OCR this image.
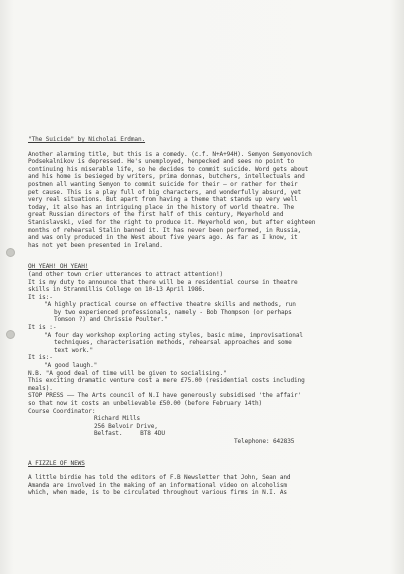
"The Suicide" by Nicholai Erdman.

Another alarming title, but this is a comedy. (c.f. N+A+94H). Semyon Semyonovich

Podsekalnikov is depressed. He's unemployed, henpecked and sees no point to

continuing his miserable life, so he decides to commit suicide. Word gets about

and his home is besieged by writers, prima donnas, butchers, intellectuals and

postmen all wanting Semyon to commit suicide for their — or rather for their

pet cause. This is a play full of big characters, and wonderfully absurd, yet

very real situations. But apart from having a theme that stands up very well

today, it also has an intriguing place in the history of world theatre. The

great Russian directors of the first half of this century, Meyerhold and

Stanislavski, vied for the right to produce it. Meyerhold won, but after eighteen

months of rehearsal Stalin banned it. It has never been performed, in Russia,

and was only produced in the West about five years ago. As far as I know, it

has not yet been presented in Ireland.

OH YEAH! OH YEAH!

(and other town crier utterances to attract attention!)

It is my duty to announce that there will be a residential course in theatre

skills in Stranmillis College on 10-13 April 1986.

It is:-

"A highly practical course on effective theatre skills and methods, run

by two experienced professionals, namely - Bob Thompson (or perhaps

Tomson ?) and Chrissie Poulter."

It is :-

"A four day workshop exploring acting styles, basic mime, improvisational

techniques, characterisation methods, rehearsal approaches and some

text work."

It is:-

"A good laugh."

N.B. "A good deal of time will be given to socialising."

This exciting dramatic venture cost a mere £75.00 (residential costs including

meals).

STOP PRESS —— The Arts council of N.I have generously subsidised 'the affair'

so that now it costs an unbelievable £50.00 (before February 14th)

Course Coordinator:

Richard Mills

256 Belvoir Drive,

Belfast.     BT8 4DU

Telephone: 642835

A FIZZLE OF NEWS

A little birdie has told the editors of F.B Newsletter that John, Sean and

Amanda are involved in the making of an informational video on alcoholism

which, when made, is to be circulated throughout various firms in N.I. As
